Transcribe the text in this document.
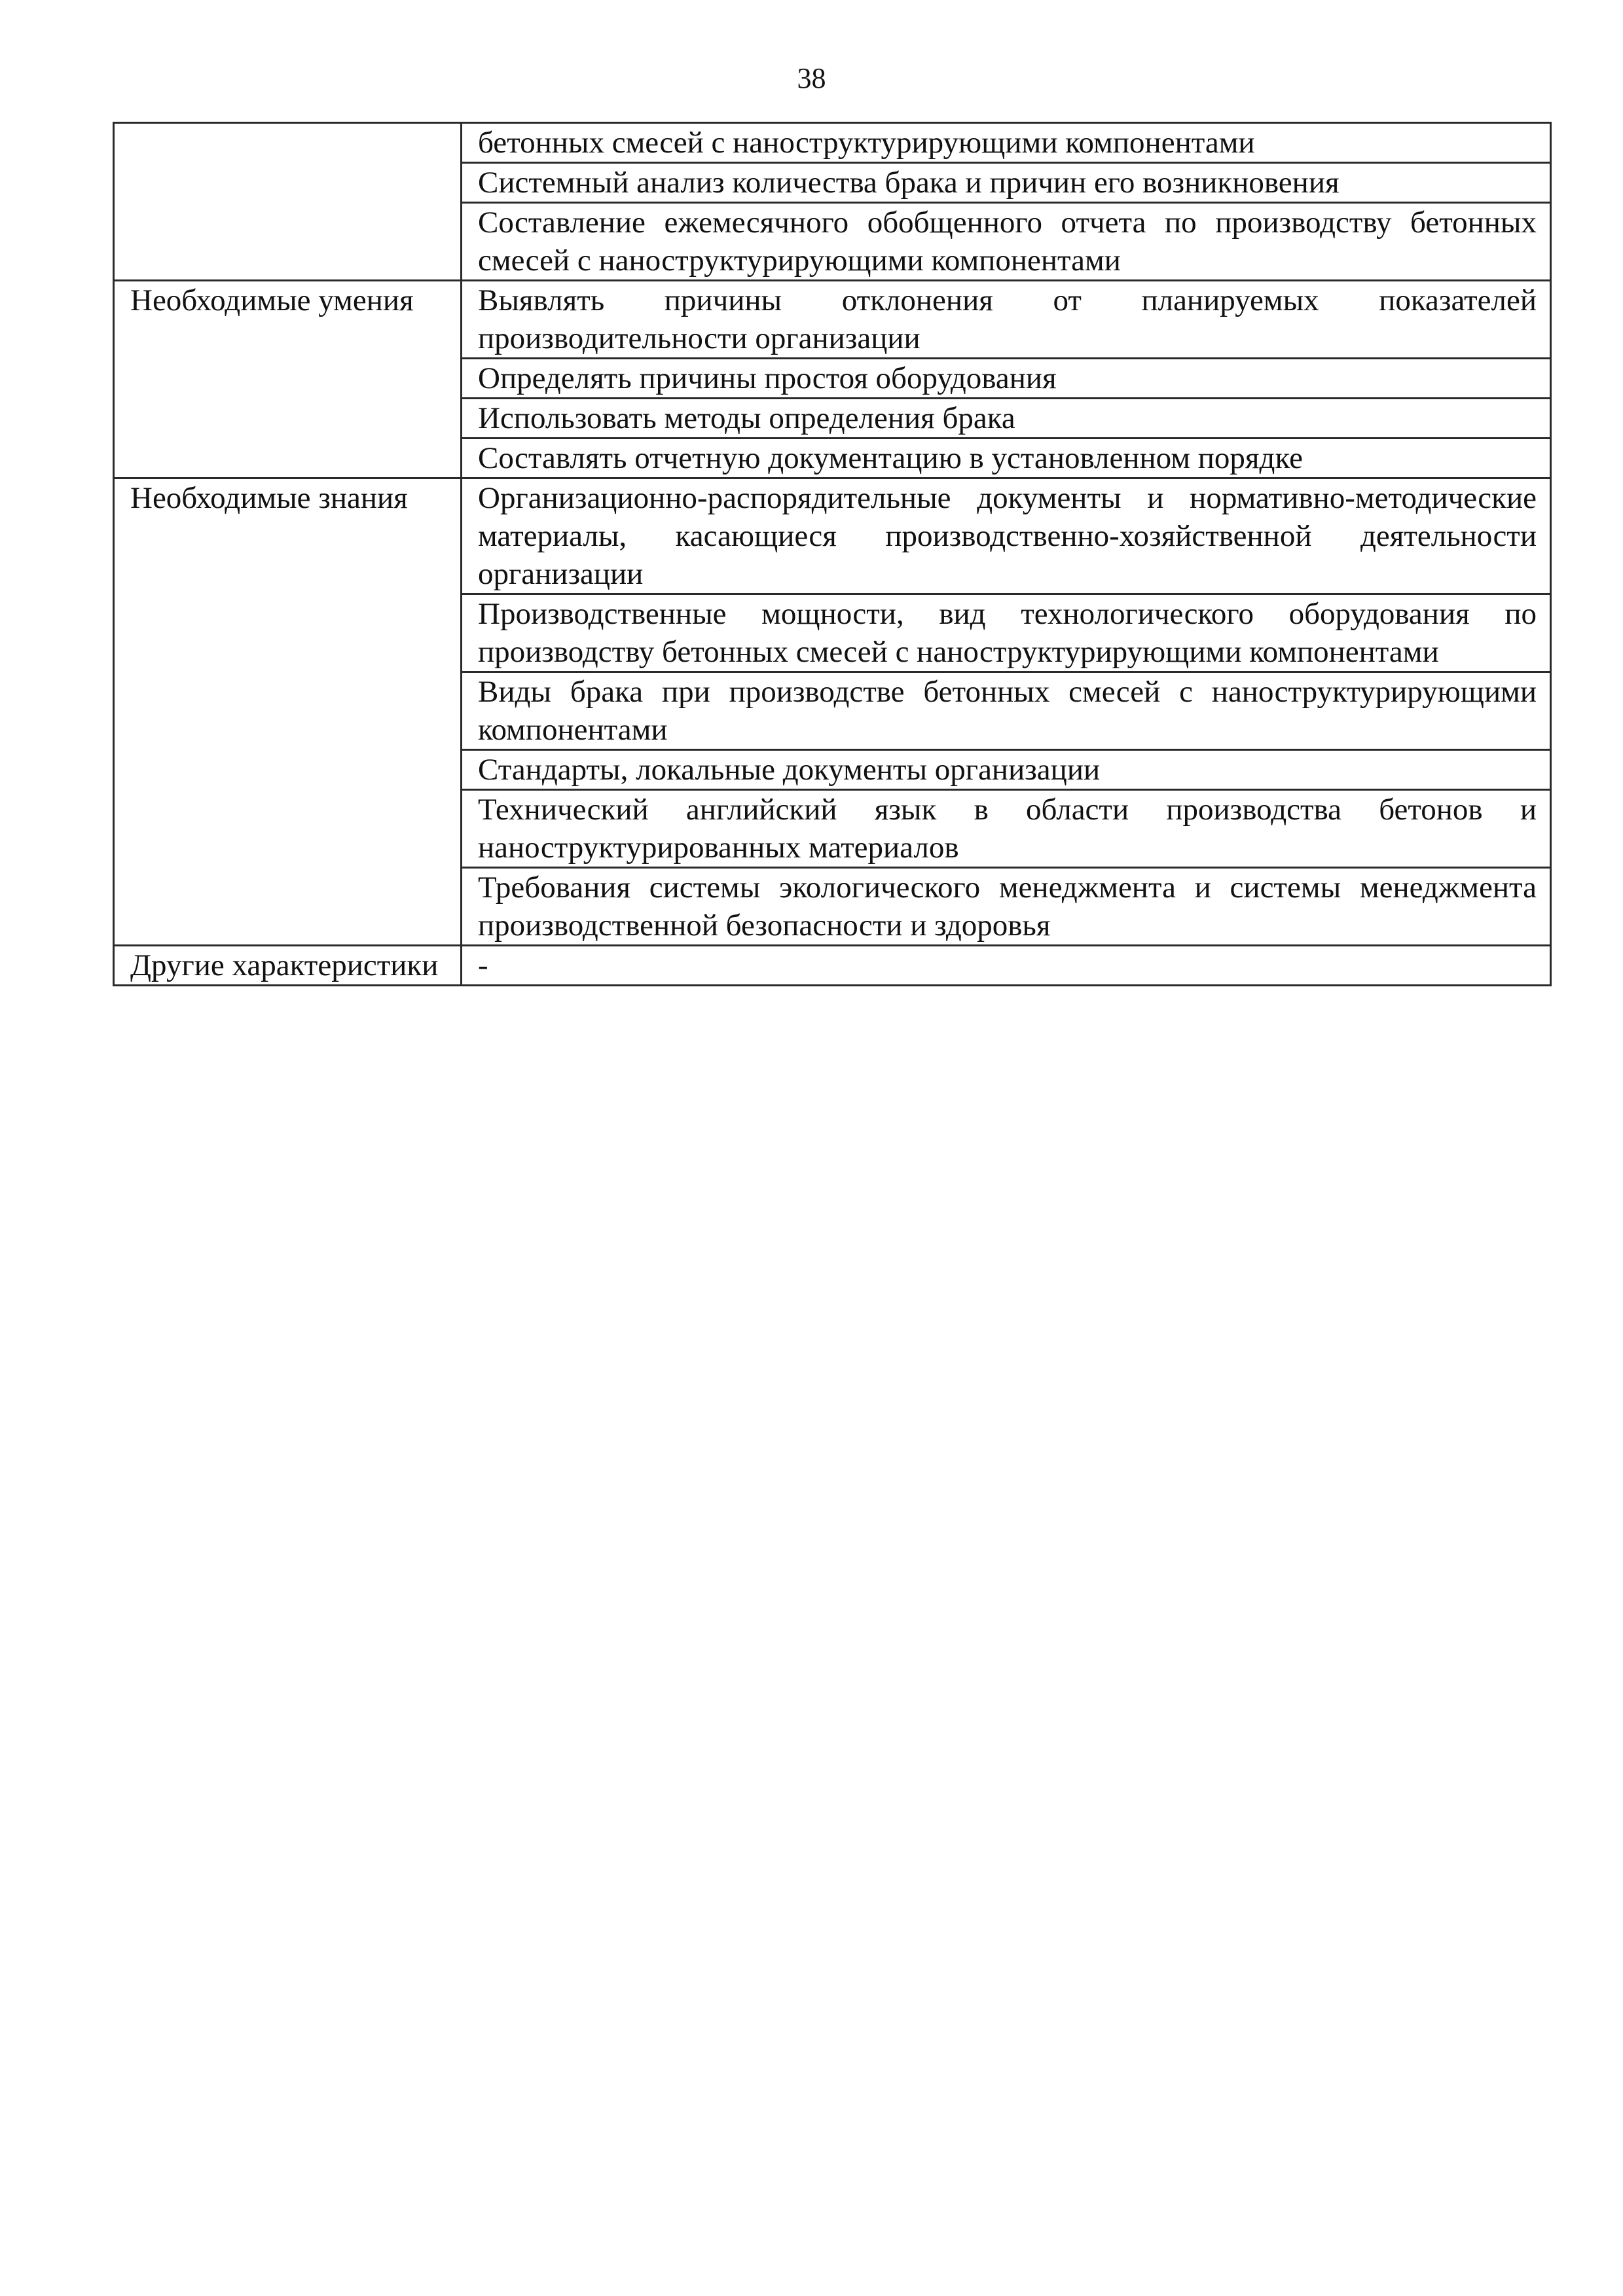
38
	бетонных смесей с наноструктурирующими компонентами
	Системный анализ количества брака и причин его возникновения
	Составление ежемесячного обобщенного отчета по производству бетонных смесей с наноструктурирующими компонентами
Необходимые умения	Выявлять причины отклонения от планируемых показателей производительности организации
	Определять причины простоя оборудования
	Использовать методы определения брака
	Составлять отчетную документацию в установленном порядке
Необходимые знания	Организационно-распорядительные документы и нормативно-методические материалы, касающиеся производственно-хозяйственной деятельности организации
	Производственные мощности, вид технологического оборудования по производству бетонных смесей с наноструктурирующими компонентами
	Виды брака при производстве бетонных смесей с наноструктурирующими компонентами
	Стандарты, локальные документы организации
	Технический английский язык в области производства бетонов и наноструктурированных материалов
	Требования системы экологического менеджмента и системы менеджмента производственной безопасности и здоровья
Другие характеристики	-
